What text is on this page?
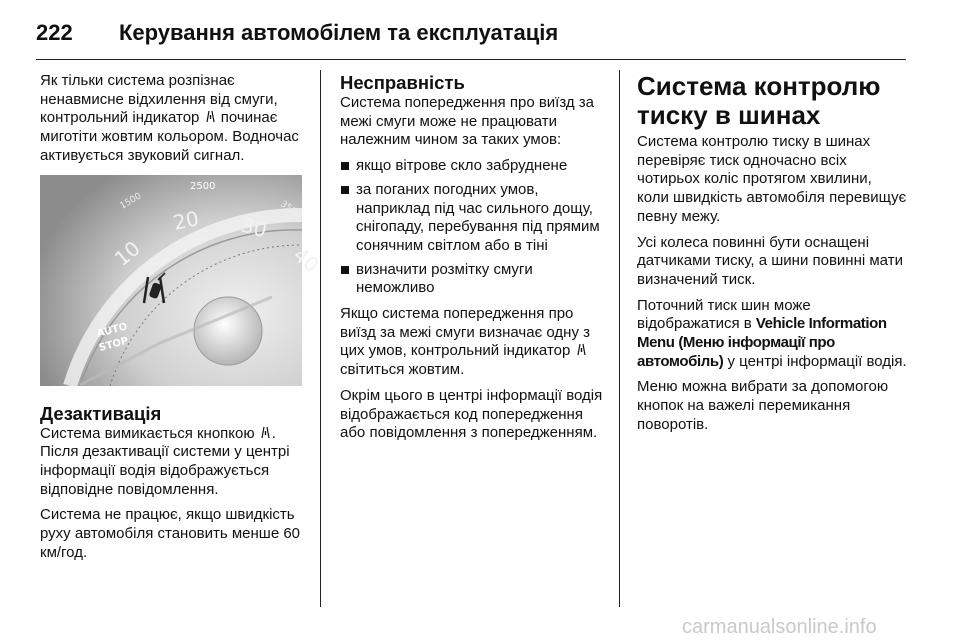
222	Керування автомобілем та експлуатація

Як тільки система розпізнає ненавмисне відхилення від смуги, контрольний індикатор починає миготіти жовтим кольором. Водночас активується звуковий сигнал.

2500
1500	3500
10
20 30
40
AUTO
STOP
Дезактивація

Система вимикається кнопкою . Після дезактивації системи у центрі інформації водія відображується відповідне повідомлення.

Система не працює, якщо швидкість руху автомобіля становить менше 60 км/год.

Несправність

Система попередження про виїзд за межі смуги може не працювати належним чином за таких умов:

якщо вітрове скло забруднене
за поганих погодних умов, наприклад під час сильного дощу, снігопаду, перебування під прямим сонячним світлом або в тіні
визначити розмітку смуги неможливо

Якщо система попередження про виїзд за межі смуги визначає одну з цих умов, контрольний індикатор
світиться жовтим.

Окрім цього в центрі інформації водія відображається код попередження або повідомлення з попередженням.

Система контролю тиску в шинах

Система контролю тиску в шинах перевіряє тиск одночасно всіх чотирьох коліс протягом хвилини, коли швидкість автомобіля перевищує певну межу.

Усі колеса повинні бути оснащені датчиками тиску, а шини повинні мати визначений тиск.

Поточний тиск шин може відображатися в Vehicle Information Menu (Меню інформації про автомобіль) у центрі інформації водія.

Меню можна вибрати за допомогою кнопок на важелі перемикання поворотів.

carmanualsonline.info
